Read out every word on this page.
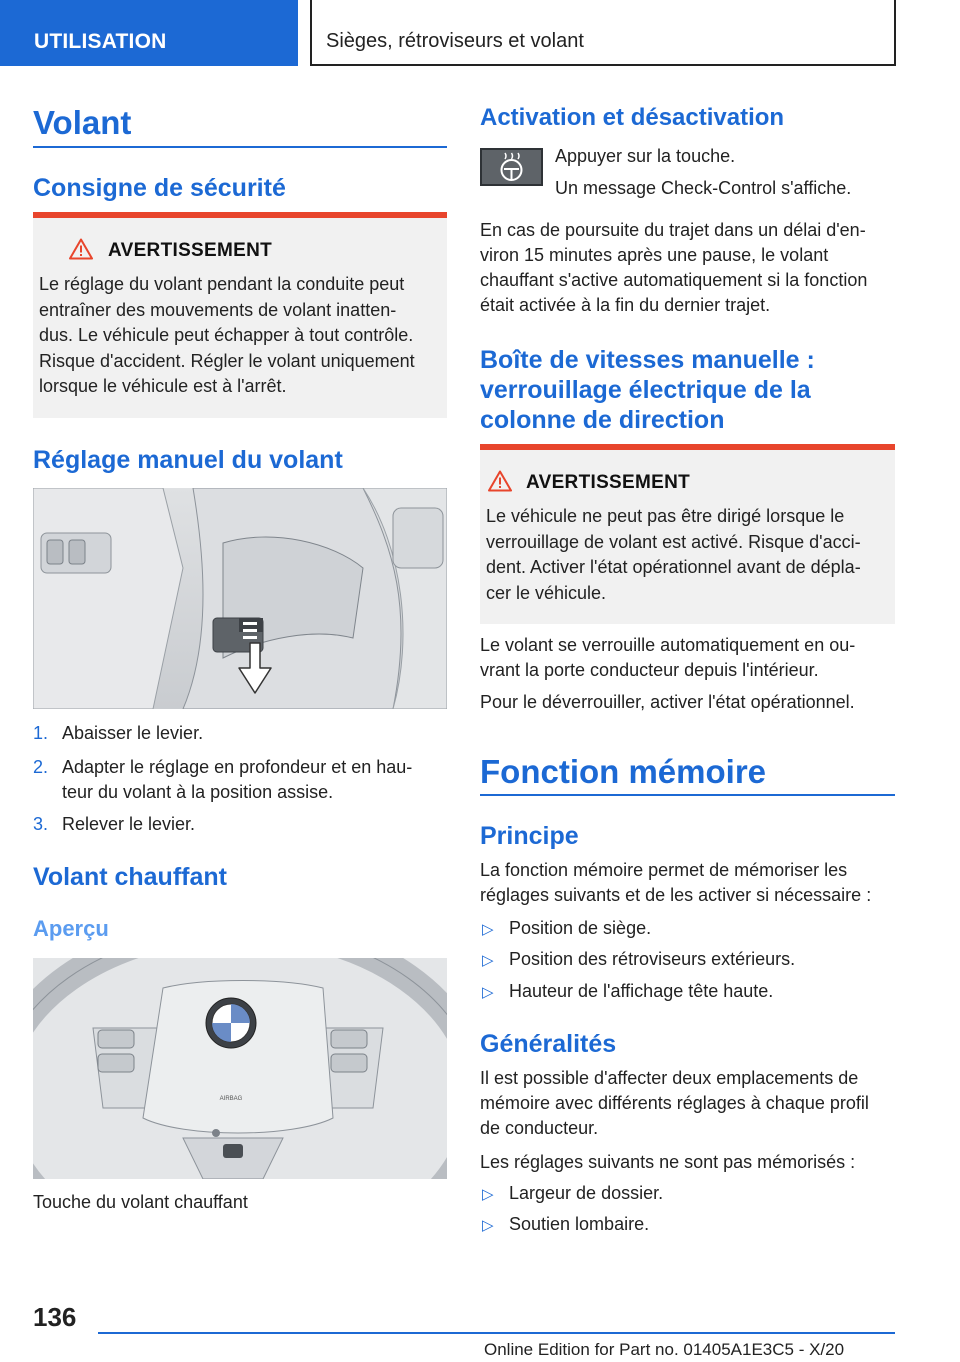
UTILISATION	Sièges, rétroviseurs et volant
Volant
Consigne de sécurité
AVERTISSEMENT
Le réglage du volant pendant la conduite peut
entraîner des mouvements de volant inatten‐
dus. Le véhicule peut échapper à tout contrôle.
Risque d'accident. Régler le volant uniquement
lorsque le véhicule est à l'arrêt.
Réglage manuel du volant
1. Abaisser le levier.
2. Adapter le réglage en profondeur et en hau‐
teur du volant à la position assise.
3. Relever le levier.
Volant chauffant
Aperçu
AIRBAG
Touche du volant chauffant
Activation et désactivation
Appuyer sur la touche.
Un message Check-Control s'affiche.
En cas de poursuite du trajet dans un délai d'en‐
viron 15 minutes après une pause, le volant
chauffant s'active automatiquement si la fonction
était activée à la fin du dernier trajet.
Boîte de vitesses manuelle :
verrouillage électrique de la
colonne de direction
AVERTISSEMENT
Le véhicule ne peut pas être dirigé lorsque le
verrouillage de volant est activé. Risque d'acci‐
dent. Activer l'état opérationnel avant de dépla‐
cer le véhicule.
Le volant se verrouille automatiquement en ou‐
vrant la porte conducteur depuis l'intérieur.
Pour le déverrouiller, activer l'état opérationnel.
Fonction mémoire
Principe
La fonction mémoire permet de mémoriser les
réglages suivants et de les activer si nécessaire :
▷ Position de siège.
▷ Position des rétroviseurs extérieurs.
▷ Hauteur de l'affichage tête haute.
Généralités
Il est possible d'affecter deux emplacements de
mémoire avec différents réglages à chaque profil
de conducteur.
Les réglages suivants ne sont pas mémorisés :
▷ Largeur de dossier.
▷ Soutien lombaire.
136
Online Edition for Part no. 01405A1E3C5 - X/20
